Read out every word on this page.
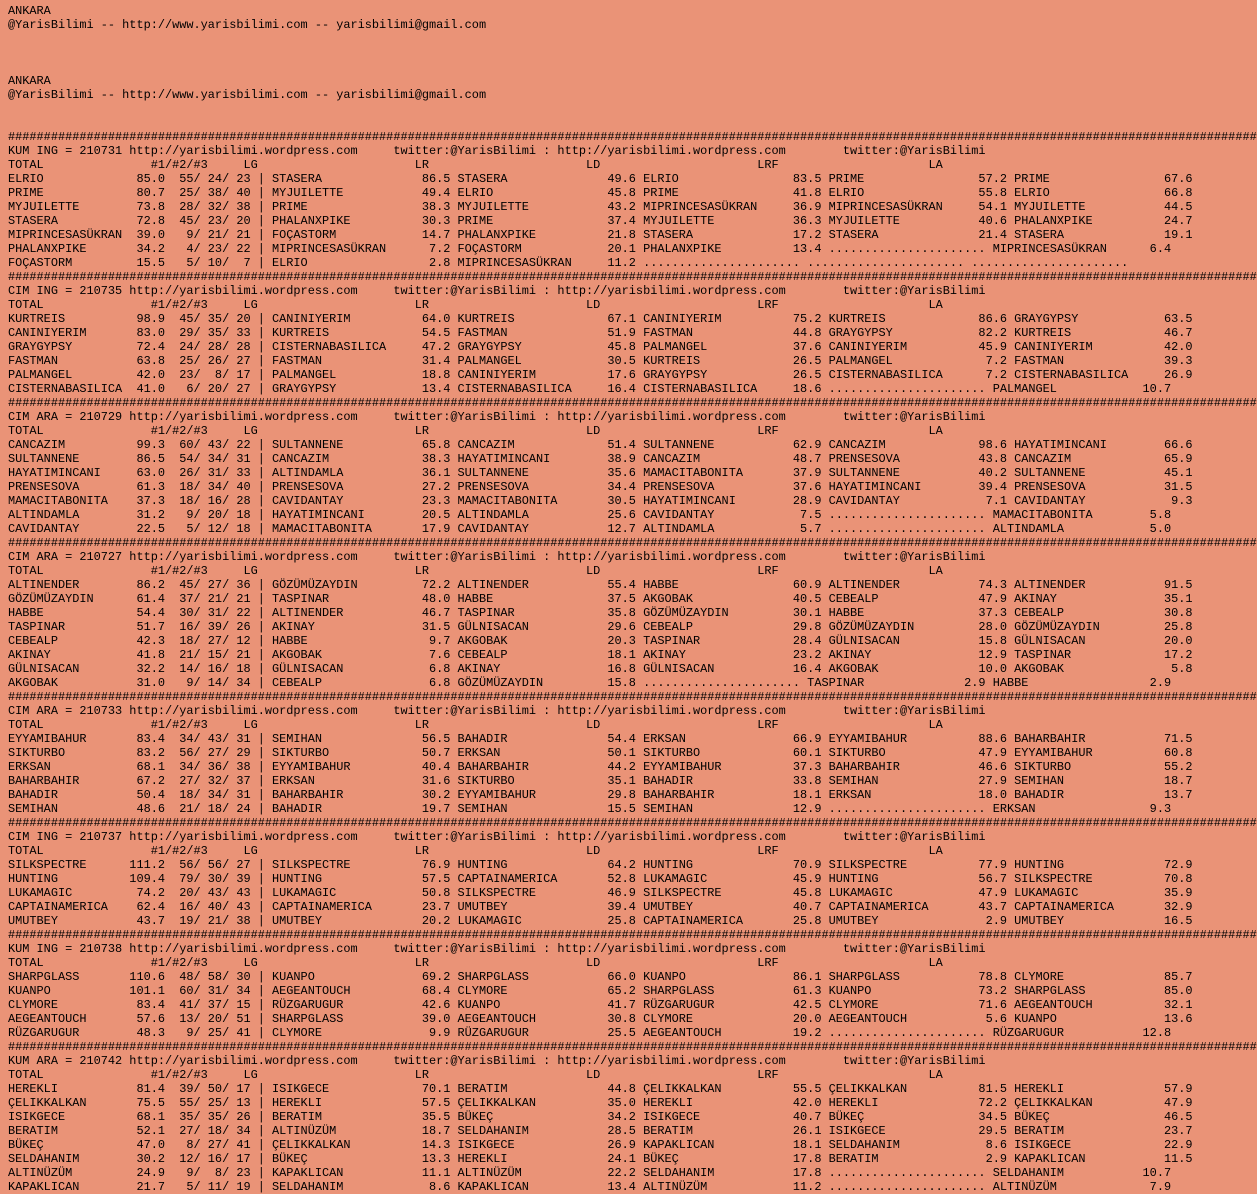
ANKARA
@YarisBilimi -- http://www.yarisbilimi.com -- yarisbilimi@gmail.com

ANKARA
@YarisBilimi -- http://www.yarisbilimi.com -- yarisbilimi@gmail.com

###############################################################################################################################################################################
KUM ING = 210731 http://yarisbilimi.wordpress.com     twitter:@YarisBilimi : http://yarisbilimi.wordpress.com        twitter:@YarisBilimi
TOTAL               #1/#2/#3     LG                      LR                      LD                      LRF                     LA
ELRIO             85.0  55/ 24/ 23 | STASERA              86.5 STASERA              49.6 ELRIO                83.5 PRIME                57.2 PRIME                67.6
PRIME             80.7  25/ 38/ 40 | MYJUILETTE           49.4 ELRIO                45.8 PRIME                41.8 ELRIO                55.8 ELRIO                66.8
MYJUILETTE        73.8  28/ 32/ 38 | PRIME                38.3 MYJUILETTE           43.2 MIPRINCESASÜKRAN     36.9 MIPRINCESASÜKRAN     54.1 MYJUILETTE           44.5
STASERA           72.8  45/ 23/ 20 | PHALANXPIKE          30.3 PRIME                37.4 MYJUILETTE           36.3 MYJUILETTE           40.6 PHALANXPIKE          24.7
MIPRINCESASÜKRAN  39.0   9/ 21/ 21 | FOÇASTORM            14.7 PHALANXPIKE          21.8 STASERA              17.2 STASERA              21.4 STASERA              19.1
PHALANXPIKE       34.2   4/ 23/ 22 | MIPRINCESASÜKRAN      7.2 FOÇASTORM            20.1 PHALANXPIKE          13.4 ...................... MIPRINCESASÜKRAN      6.4
FOÇASTORM         15.5   5/ 10/  7 | ELRIO                 2.8 MIPRINCESASÜKRAN     11.2 ...................... ...................... ......................
###############################################################################################################################################################################
CIM ING = 210735 http://yarisbilimi.wordpress.com     twitter:@YarisBilimi : http://yarisbilimi.wordpress.com        twitter:@YarisBilimi
TOTAL               #1/#2/#3     LG                      LR                      LD                      LRF                     LA
KURTREIS          98.9  45/ 35/ 20 | CANINIYERIM          64.0 KURTREIS             67.1 CANINIYERIM          75.2 KURTREIS             86.6 GRAYGYPSY            63.5
CANINIYERIM       83.0  29/ 35/ 33 | KURTREIS             54.5 FASTMAN              51.9 FASTMAN              44.8 GRAYGYPSY            82.2 KURTREIS             46.7
GRAYGYPSY         72.4  24/ 28/ 28 | CISTERNABASILICA     47.2 GRAYGYPSY            45.8 PALMANGEL            37.6 CANINIYERIM          45.9 CANINIYERIM          42.0
FASTMAN           63.8  25/ 26/ 27 | FASTMAN              31.4 PALMANGEL            30.5 KURTREIS             26.5 PALMANGEL             7.2 FASTMAN              39.3
PALMANGEL         42.0  23/  8/ 17 | PALMANGEL            18.8 CANINIYERIM          17.6 GRAYGYPSY            26.5 CISTERNABASILICA      7.2 CISTERNABASILICA     26.9
CISTERNABASILICA  41.0   6/ 20/ 27 | GRAYGYPSY            13.4 CISTERNABASILICA     16.4 CISTERNABASILICA     18.6 ...................... PALMANGEL            10.7
###############################################################################################################################################################################
CIM ARA = 210729 http://yarisbilimi.wordpress.com     twitter:@YarisBilimi : http://yarisbilimi.wordpress.com        twitter:@YarisBilimi
TOTAL               #1/#2/#3     LG                      LR                      LD                      LRF                     LA
CANCAZIM          99.3  60/ 43/ 22 | SULTANNENE           65.8 CANCAZIM             51.4 SULTANNENE           62.9 CANCAZIM             98.6 HAYATIMINCANI        66.6
SULTANNENE        86.5  54/ 34/ 31 | CANCAZIM             38.3 HAYATIMINCANI        38.9 CANCAZIM             48.7 PRENSESOVA           43.8 CANCAZIM             65.9
HAYATIMINCANI     63.0  26/ 31/ 33 | ALTINDAMLA           36.1 SULTANNENE           35.6 MAMACITABONITA       37.9 SULTANNENE           40.2 SULTANNENE           45.1
PRENSESOVA        61.3  18/ 34/ 40 | PRENSESOVA           27.2 PRENSESOVA           34.4 PRENSESOVA           37.6 HAYATIMINCANI        39.4 PRENSESOVA           31.5
MAMACITABONITA    37.3  18/ 16/ 28 | CAVIDANTAY           23.3 MAMACITABONITA       30.5 HAYATIMINCANI        28.9 CAVIDANTAY            7.1 CAVIDANTAY            9.3
ALTINDAMLA        31.2   9/ 20/ 18 | HAYATIMINCANI        20.5 ALTINDAMLA           25.6 CAVIDANTAY            7.5 ...................... MAMACITABONITA        5.8
CAVIDANTAY        22.5   5/ 12/ 18 | MAMACITABONITA       17.9 CAVIDANTAY           12.7 ALTINDAMLA            5.7 ...................... ALTINDAMLA            5.0
###############################################################################################################################################################################
CIM ARA = 210727 http://yarisbilimi.wordpress.com     twitter:@YarisBilimi : http://yarisbilimi.wordpress.com        twitter:@YarisBilimi
TOTAL               #1/#2/#3     LG                      LR                      LD                      LRF                     LA
ALTINENDER        86.2  45/ 27/ 36 | GÖZÜMÜZAYDIN         72.2 ALTINENDER           55.4 HABBE                60.9 ALTINENDER           74.3 ALTINENDER           91.5
GÖZÜMÜZAYDIN      61.4  37/ 21/ 21 | TASPINAR             48.0 HABBE                37.5 AKGOBAK              40.5 CEBEALP              47.9 AKINAY               35.1
HABBE             54.4  30/ 31/ 22 | ALTINENDER           46.7 TASPINAR             35.8 GÖZÜMÜZAYDIN         30.1 HABBE                37.3 CEBEALP              30.8
TASPINAR          51.7  16/ 39/ 26 | AKINAY               31.5 GÜLNISACAN           29.6 CEBEALP              29.8 GÖZÜMÜZAYDIN         28.0 GÖZÜMÜZAYDIN         25.8
CEBEALP           42.3  18/ 27/ 12 | HABBE                 9.7 AKGOBAK              20.3 TASPINAR             28.4 GÜLNISACAN           15.8 GÜLNISACAN           20.0
AKINAY            41.8  21/ 15/ 21 | AKGOBAK               7.6 CEBEALP              18.1 AKINAY               23.2 AKINAY               12.9 TASPINAR             17.2
GÜLNISACAN        32.2  14/ 16/ 18 | GÜLNISACAN            6.8 AKINAY               16.8 GÜLNISACAN           16.4 AKGOBAK              10.0 AKGOBAK               5.8
AKGOBAK           31.0   9/ 14/ 34 | CEBEALP               6.8 GÖZÜMÜZAYDIN         15.8 ...................... TASPINAR              2.9 HABBE                 2.9
###############################################################################################################################################################################
CIM ARA = 210733 http://yarisbilimi.wordpress.com     twitter:@YarisBilimi : http://yarisbilimi.wordpress.com        twitter:@YarisBilimi
TOTAL               #1/#2/#3     LG                      LR                      LD                      LRF                     LA
EYYAMIBAHUR       83.4  34/ 43/ 31 | SEMIHAN              56.5 BAHADIR              54.4 ERKSAN               66.9 EYYAMIBAHUR          88.6 BAHARBAHIR           71.5
SIKTURBO          83.2  56/ 27/ 29 | SIKTURBO             50.7 ERKSAN               50.1 SIKTURBO             60.1 SIKTURBO             47.9 EYYAMIBAHUR          60.8
ERKSAN            68.1  34/ 36/ 38 | EYYAMIBAHUR          40.4 BAHARBAHIR           44.2 EYYAMIBAHUR          37.3 BAHARBAHIR           46.6 SIKTURBO             55.2
BAHARBAHIR        67.2  27/ 32/ 37 | ERKSAN               31.6 SIKTURBO             35.1 BAHADIR              33.8 SEMIHAN              27.9 SEMIHAN              18.7
BAHADIR           50.4  18/ 34/ 31 | BAHARBAHIR           30.2 EYYAMIBAHUR          29.8 BAHARBAHIR           18.1 ERKSAN               18.0 BAHADIR              13.7
SEMIHAN           48.6  21/ 18/ 24 | BAHADIR              19.7 SEMIHAN              15.5 SEMIHAN              12.9 ...................... ERKSAN                9.3
###############################################################################################################################################################################
CIM ING = 210737 http://yarisbilimi.wordpress.com     twitter:@YarisBilimi : http://yarisbilimi.wordpress.com        twitter:@YarisBilimi
TOTAL               #1/#2/#3     LG                      LR                      LD                      LRF                     LA
SILKSPECTRE      111.2  56/ 56/ 27 | SILKSPECTRE          76.9 HUNTING              64.2 HUNTING              70.9 SILKSPECTRE          77.9 HUNTING              72.9
HUNTING          109.4  79/ 30/ 39 | HUNTING              57.5 CAPTAINAMERICA       52.8 LUKAMAGIC            45.9 HUNTING              56.7 SILKSPECTRE          70.8
LUKAMAGIC         74.2  20/ 43/ 43 | LUKAMAGIC            50.8 SILKSPECTRE          46.9 SILKSPECTRE          45.8 LUKAMAGIC            47.9 LUKAMAGIC            35.9
CAPTAINAMERICA    62.4  16/ 40/ 43 | CAPTAINAMERICA       23.7 UMUTBEY              39.4 UMUTBEY              40.7 CAPTAINAMERICA       43.7 CAPTAINAMERICA       32.9
UMUTBEY           43.7  19/ 21/ 38 | UMUTBEY              20.2 LUKAMAGIC            25.8 CAPTAINAMERICA       25.8 UMUTBEY               2.9 UMUTBEY              16.5
###############################################################################################################################################################################
KUM ING = 210738 http://yarisbilimi.wordpress.com     twitter:@YarisBilimi : http://yarisbilimi.wordpress.com        twitter:@YarisBilimi
TOTAL               #1/#2/#3     LG                      LR                      LD                      LRF                     LA
SHARPGLASS       110.6  48/ 58/ 30 | KUANPO               69.2 SHARPGLASS           66.0 KUANPO               86.1 SHARPGLASS           78.8 CLYMORE              85.7
KUANPO           101.1  60/ 31/ 34 | AEGEANTOUCH          68.4 CLYMORE              65.2 SHARPGLASS           61.3 KUANPO               73.2 SHARPGLASS           85.0
CLYMORE           83.4  41/ 37/ 15 | RÜZGARUGUR           42.6 KUANPO               41.7 RÜZGARUGUR           42.5 CLYMORE              71.6 AEGEANTOUCH          32.1
AEGEANTOUCH       57.6  13/ 20/ 51 | SHARPGLASS           39.0 AEGEANTOUCH          30.8 CLYMORE              20.0 AEGEANTOUCH           5.6 KUANPO               13.6
RÜZGARUGUR        48.3   9/ 25/ 41 | CLYMORE               9.9 RÜZGARUGUR           25.5 AEGEANTOUCH          19.2 ...................... RÜZGARUGUR           12.8
###############################################################################################################################################################################
KUM ARA = 210742 http://yarisbilimi.wordpress.com     twitter:@YarisBilimi : http://yarisbilimi.wordpress.com        twitter:@YarisBilimi
TOTAL               #1/#2/#3     LG                      LR                      LD                      LRF                     LA
HEREKLI           81.4  39/ 50/ 17 | ISIKGECE             70.1 BERATIM              44.8 ÇELIKKALKAN          55.5 ÇELIKKALKAN          81.5 HEREKLI              57.9
ÇELIKKALKAN       75.5  55/ 25/ 13 | HEREKLI              57.5 ÇELIKKALKAN          35.0 HEREKLI              42.0 HEREKLI              72.2 ÇELIKKALKAN          47.9
ISIKGECE          68.1  35/ 35/ 26 | BERATIM              35.5 BÜKEÇ                34.2 ISIKGECE             40.7 BÜKEÇ                34.5 BÜKEÇ                46.5
BERATIM           52.1  27/ 18/ 34 | ALTINÜZÜM            18.7 SELDAHANIM           28.5 BERATIM              26.1 ISIKGECE             29.5 BERATIM              23.7
BÜKEÇ             47.0   8/ 27/ 41 | ÇELIKKALKAN          14.3 ISIKGECE             26.9 KAPAKLICAN           18.1 SELDAHANIM            8.6 ISIKGECE             22.9
SELDAHANIM        30.2  12/ 16/ 17 | BÜKEÇ                13.3 HEREKLI              24.1 BÜKEÇ                17.8 BERATIM               2.9 KAPAKLICAN           11.5
ALTINÜZÜM         24.9   9/  8/ 23 | KAPAKLICAN           11.1 ALTINÜZÜM            22.2 SELDAHANIM           17.8 ...................... SELDAHANIM           10.7
KAPAKLICAN        21.7   5/ 11/ 19 | SELDAHANIM            8.6 KAPAKLICAN           13.4 ALTINÜZÜM            11.2 ...................... ALTINÜZÜM             7.9
